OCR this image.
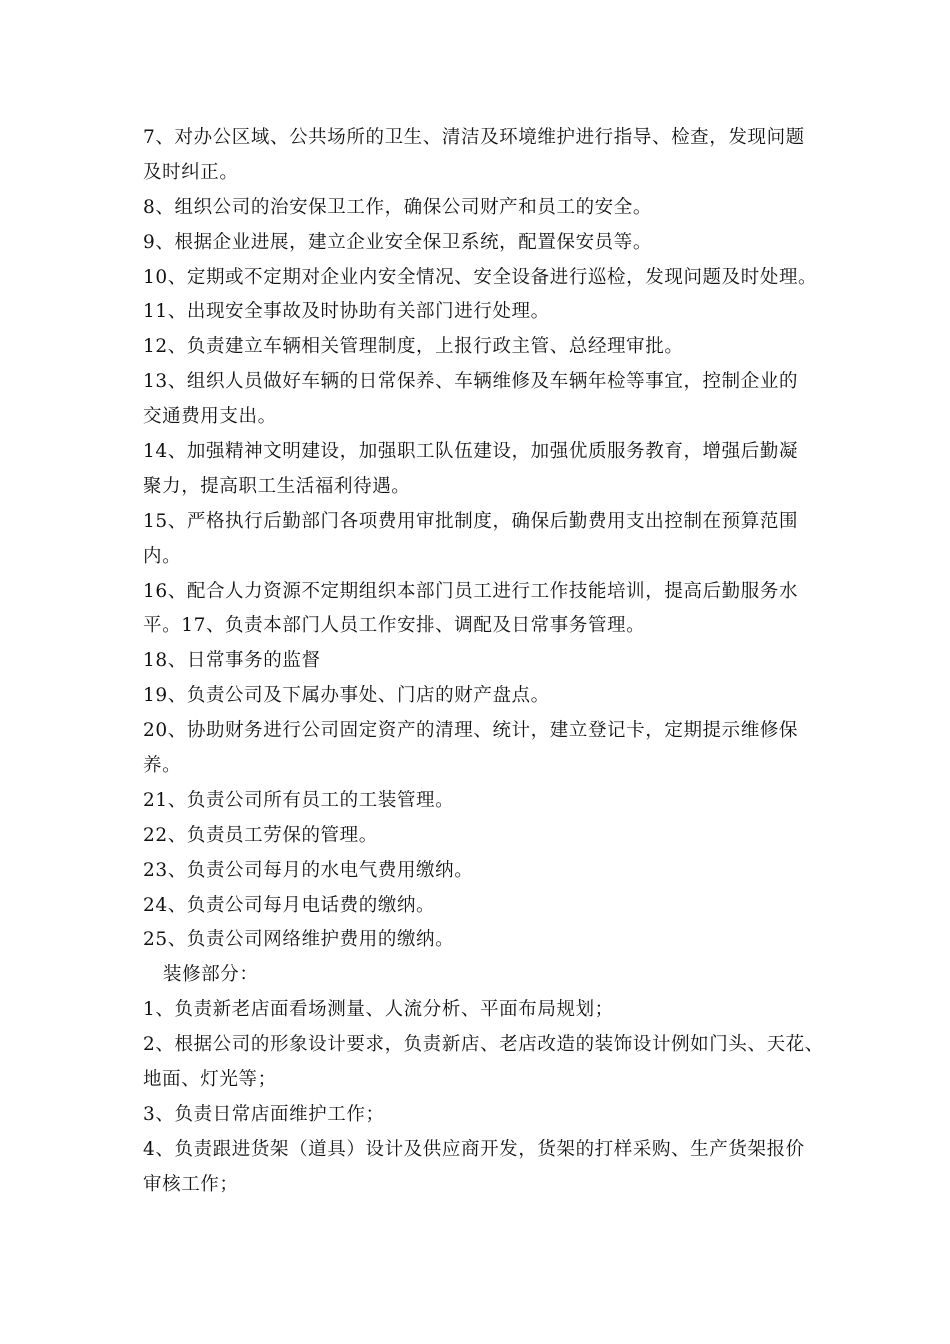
7、对办公区域、公共场所的卫生、清洁及环境维护进行指导、检查，发现问题
及时纠正。
8、组织公司的治安保卫工作，确保公司财产和员工的安全。
9、根据企业进展，建立企业安全保卫系统，配置保安员等。
10、定期或不定期对企业内安全情况、安全设备进行巡检，发现问题及时处理。
11、出现安全事故及时协助有关部门进行处理。
12、负责建立车辆相关管理制度，上报行政主管、总经理审批。
13、组织人员做好车辆的日常保养、车辆维修及车辆年检等事宜，控制企业的
交通费用支出。
14、加强精神文明建设，加强职工队伍建设，加强优质服务教育，增强后勤凝
聚力，提高职工生活福利待遇。
15、严格执行后勤部门各项费用审批制度，确保后勤费用支出控制在预算范围
内。
16、配合人力资源不定期组织本部门员工进行工作技能培训，提高后勤服务水
平。17、负责本部门人员工作安排、调配及日常事务管理。
18、日常事务的监督
19、负责公司及下属办事处、门店的财产盘点。
20、协助财务进行公司固定资产的清理、统计，建立登记卡，定期提示维修保
养。
21、负责公司所有员工的工装管理。
22、负责员工劳保的管理。
23、负责公司每月的水电气费用缴纳。
24、负责公司每月电话费的缴纳。
25、负责公司网络维护费用的缴纳。
装修部分：
1、负责新老店面看场测量、人流分析、平面布局规划；
2、根据公司的形象设计要求，负责新店、老店改造的装饰设计例如门头、天花、
地面、灯光等；
3、负责日常店面维护工作；
4、负责跟进货架（道具）设计及供应商开发，货架的打样采购、生产货架报价
审核工作；
